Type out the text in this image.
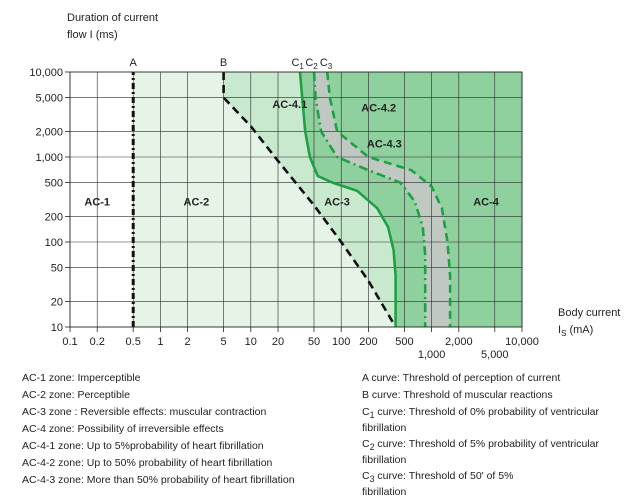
10
20
50
100
200
500
1,000
2,000
5,000
10,000
0.1 0.2 0.5 1 2	5 10 20 50 100 200 500
1,000
2,000
5,000
10,000
Duration of current
flow I (ms)
Body current
$I_S$ (mA)
AC-1	AC-2	AC-3	AC-4
AC-4.1	AC-4.2
AC-4.3
$C_1$ $C_2$ $C_3$
A	B
AC-1 zone: Imperceptible
AC-2 zone: Perceptible
AC-3 zone : Reversible effects: muscular contraction
AC-4 zone: Possibility of irreversible effects
AC-4-1 zone: Up to 5%probability of heart fibrillation
AC-4-2 zone: Up to 50% probability of heart fibrillation
AC-4-3 zone: More than 50% probability of heart fibrillation
A curve: Threshold of perception of current
B curve: Threshold of muscular reactions
$C_1$ curve: Threshold of 0% probability of ventricular fibrillation
$C_2$ curve: Threshold of 5% probability of ventricular fibrillation
$C_3$ curve: Threshold of 50' of 5%
fibrillation
